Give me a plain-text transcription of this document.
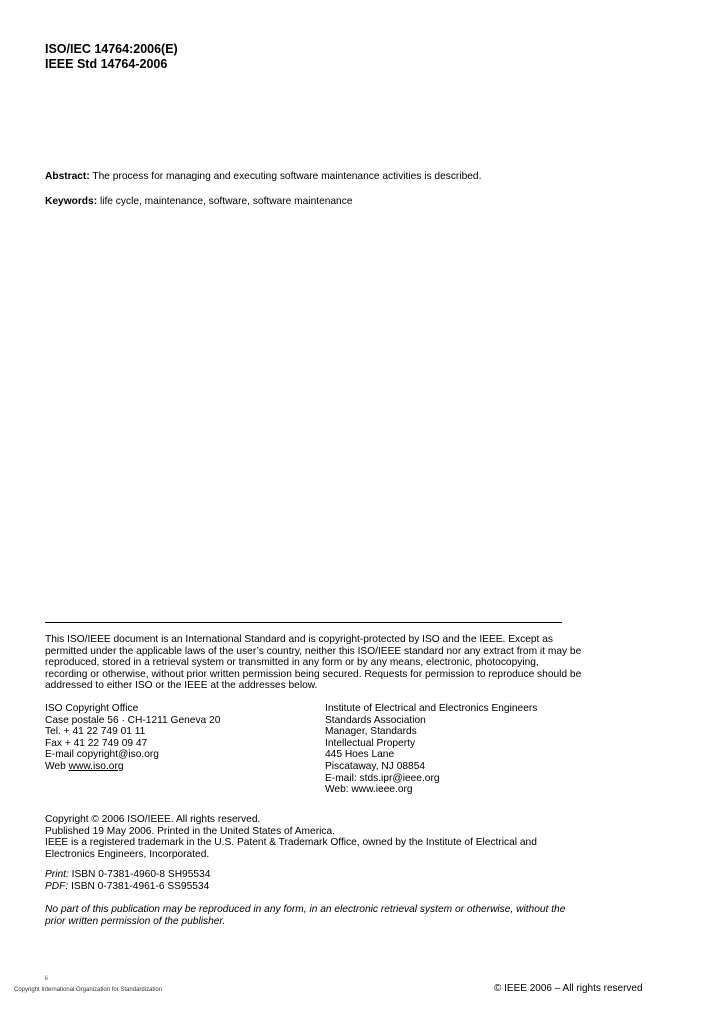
ISO/IEC 14764:2006(E)
IEEE Std 14764-2006
Abstract: The process for managing and executing software maintenance activities is described.
Keywords: life cycle, maintenance, software, software maintenance
This ISO/IEEE document is an International Standard and is copyright-protected by ISO and the IEEE. Except as
permitted under the applicable laws of the user’s country, neither this ISO/IEEE standard nor any extract from it may be
reproduced, stored in a retrieval system or transmitted in any form or by any means, electronic, photocopying,
recording or otherwise, without prior written permission being secured. Requests for permission to reproduce should be
addressed to either ISO or the IEEE at the addresses below.
ISO Copyright Office
Case postale 56 · CH-1211 Geneva 20
Tel. + 41 22 749 01 11
Fax + 41 22 749 09 47
E-mail copyright@iso.org
Web www.iso.org
Institute of Electrical and Electronics Engineers
Standards Association
Manager, Standards
Intellectual Property
445 Hoes Lane
Piscataway, NJ 08854
E-mail: stds.ipr@ieee.org
Web: www.ieee.org
Copyright © 2006 ISO/IEEE. All rights reserved.
Published 19 May 2006. Printed in the United States of America.
IEEE is a registered trademark in the U.S. Patent & Trademark Office, owned by the Institute of Electrical and
Electronics Engineers, Incorporated.
Print: ISBN 0-7381-4960-8 SH95534
PDF: ISBN 0-7381-4961-6 SS95534
No part of this publication may be reproduced in any form, in an electronic retrieval system or otherwise, without the
prior written permission of the publisher.
ii
Copyright International Organization for Standardization	© IEEE 2006 – All rights reserved
